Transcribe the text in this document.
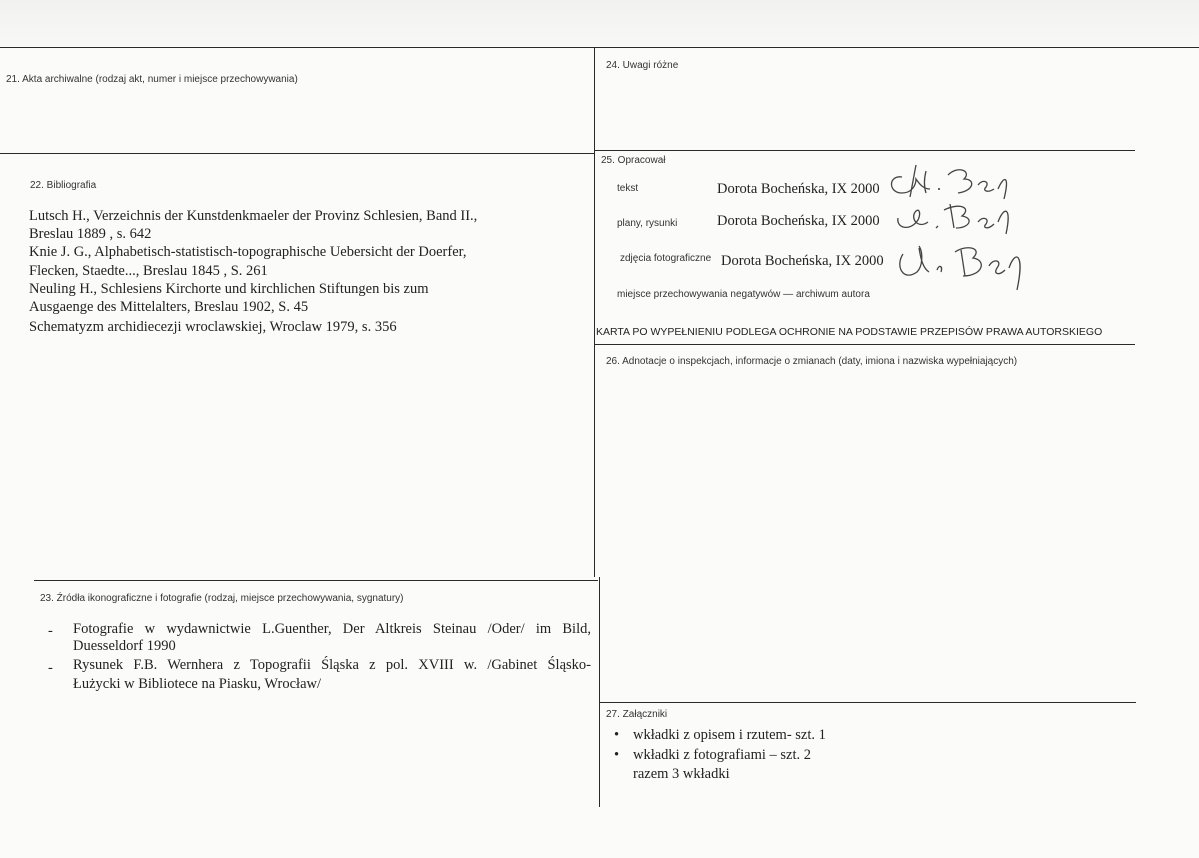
21. Akta archiwalne (rodzaj akt, numer i miejsce przechowywania)
22. Bibliografia
Lutsch H., Verzeichnis der Kunstdenkmaeler der Provinz Schlesien, Band II.,
Breslau 1889 , s. 642
Knie J. G., Alphabetisch-statistisch-topographische Uebersicht der Doerfer,
Flecken, Staedte..., Breslau 1845 , S. 261
Neuling H., Schlesiens Kirchorte und kirchlichen Stiftungen bis zum
Ausgaenge des Mittelalters, Breslau 1902, S. 45
Schematyzm archidiecezji wroclawskiej, Wroclaw 1979, s. 356
23. Źródła ikonograficzne i fotografie (rodzaj, miejsce przechowywania, sygnatury)
- Fotografie w wydawnictwie L.Guenther, Der Altkreis Steinau /Oder/ im Bild,
Duesseldorf 1990
- Rysunek F.B. Wernhera z Topografii Śląska z pol. XVIII w. /Gabinet Śląsko-
Łużycki w Bibliotece na Piasku, Wrocław/
24. Uwagi różne
25. Opracował
tekst	Dorota Bocheńska, IX 2000
plany, rysunki	Dorota Bocheńska, IX 2000
zdjęcia fotograficzne Dorota Bocheńska, IX 2000
miejsce przechowywania negatywów — archiwum autora
KARTA PO WYPEŁNIENIU PODLEGA OCHRONIE NA PODSTAWIE PRZEPISÓW PRAWA AUTORSKIEGO
26. Adnotacje o inspekcjach, informacje o zmianach (daty, imiona i nazwiska wypełniających)
27. Załączniki
• wkładki z opisem i rzutem- szt. 1
• wkładki z fotografiami – szt. 2
razem 3 wkładki
